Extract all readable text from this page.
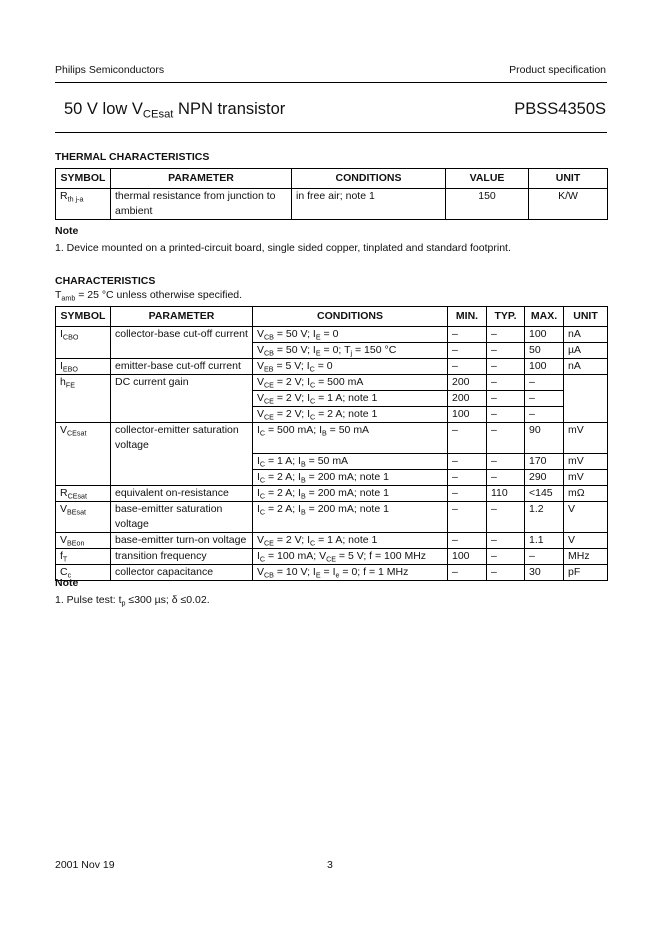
Philips Semiconductors	Product specification
50 V low $V_{CEsat}$ NPN transistor	PBSS4350S
THERMAL CHARACTERISTICS
SYMBOL	PARAMETER	CONDITIONS	VALUE	UNIT
$R_{th j-a}$	thermal resistance from junction to ambient	in free air; note 1	150	K/W
Note
1. Device mounted on a printed-circuit board, single sided copper, tinplated and standard footprint.
CHARACTERISTICS
$T_{amb} = 25$ °C unless otherwise specified.
SYMBOL	PARAMETER	CONDITIONS	MIN.	TYP.	MAX.	UNIT
$I_{CBO}$	collector-base cut-off current	$V_{CB} = 50$ V; $I_E = 0$	–	–	100	nA
		$V_{CB} = 50$ V; $I_E = 0$; $T_j = 150$ °C	–	–	50	µA
$I_{EBO}$	emitter-base cut-off current	$V_{EB} = 5$ V; $I_C = 0$	–	–	100	nA
$h_{FE}$	DC current gain	$V_{CE} = 2$ V; $I_C = 500$ mA	200	–	–	
		$V_{CE} = 2$ V; $I_C = 1$ A; note 1	200	–	–	
		$V_{CE} = 2$ V; $I_C = 2$ A; note 1	100	–	–	
$V_{CEsat}$	collector-emitter saturation voltage	$I_C = 500$ mA; $I_B = 50$ mA	–	–	90	mV
		$I_C = 1$ A; $I_B = 50$ mA	–	–	170	mV
		$I_C = 2$ A; $I_B = 200$ mA; note 1	–	–	290	mV
$R_{CEsat}$	equivalent on-resistance	$I_C = 2$ A; $I_B = 200$ mA; note 1	–	110	<145	mΩ
$V_{BEsat}$	base-emitter saturation voltage	$I_C = 2$ A; $I_B = 200$ mA; note 1	–	–	1.2	V
$V_{BEon}$	base-emitter turn-on voltage	$V_{CE} = 2$ V; $I_C = 1$ A; note 1	–	–	1.1	V
$f_T$	transition frequency	$I_C = 100$ mA; $V_{CE} = 5$ V; f = 100 MHz	100	–	–	MHz
$C_c$	collector capacitance	$V_{CB} = 10$ V; $I_E = I_e = 0$; f = 1 MHz	–	–	30	pF
Note
1. Pulse test: $t_p \le 300$ µs; δ ≤0.02.
2001 Nov 19	3
